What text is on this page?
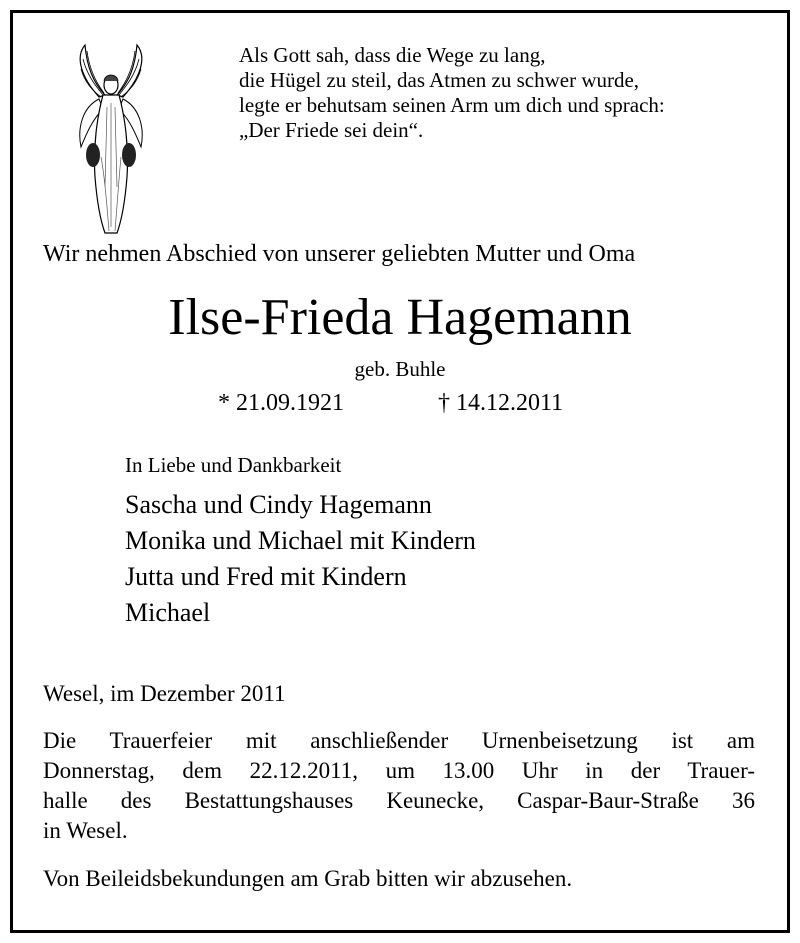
Als Gott sah, dass die Wege zu lang,
die Hügel zu steil, das Atmen zu schwer wurde,
legte er behutsam seinen Arm um dich und sprach:
„Der Friede sei dein“.
Wir nehmen Abschied von unserer geliebten Mutter und Oma
Ilse-Frieda Hagemann
geb. Buhle
* 21.09.1921	† 14.12.2011
In Liebe und Dankbarkeit
Sascha und Cindy Hagemann
Monika und Michael mit Kindern
Jutta und Fred mit Kindern
Michael
Wesel, im Dezember 2011
Die Trauerfeier mit anschließender Urnenbeisetzung ist am
Donnerstag, dem 22.12.2011, um 13.00 Uhr in der Trauer-
halle des Bestattungshauses Keunecke, Caspar-Baur-Straße 36
in Wesel.
Von Beileidsbekundungen am Grab bitten wir abzusehen.
